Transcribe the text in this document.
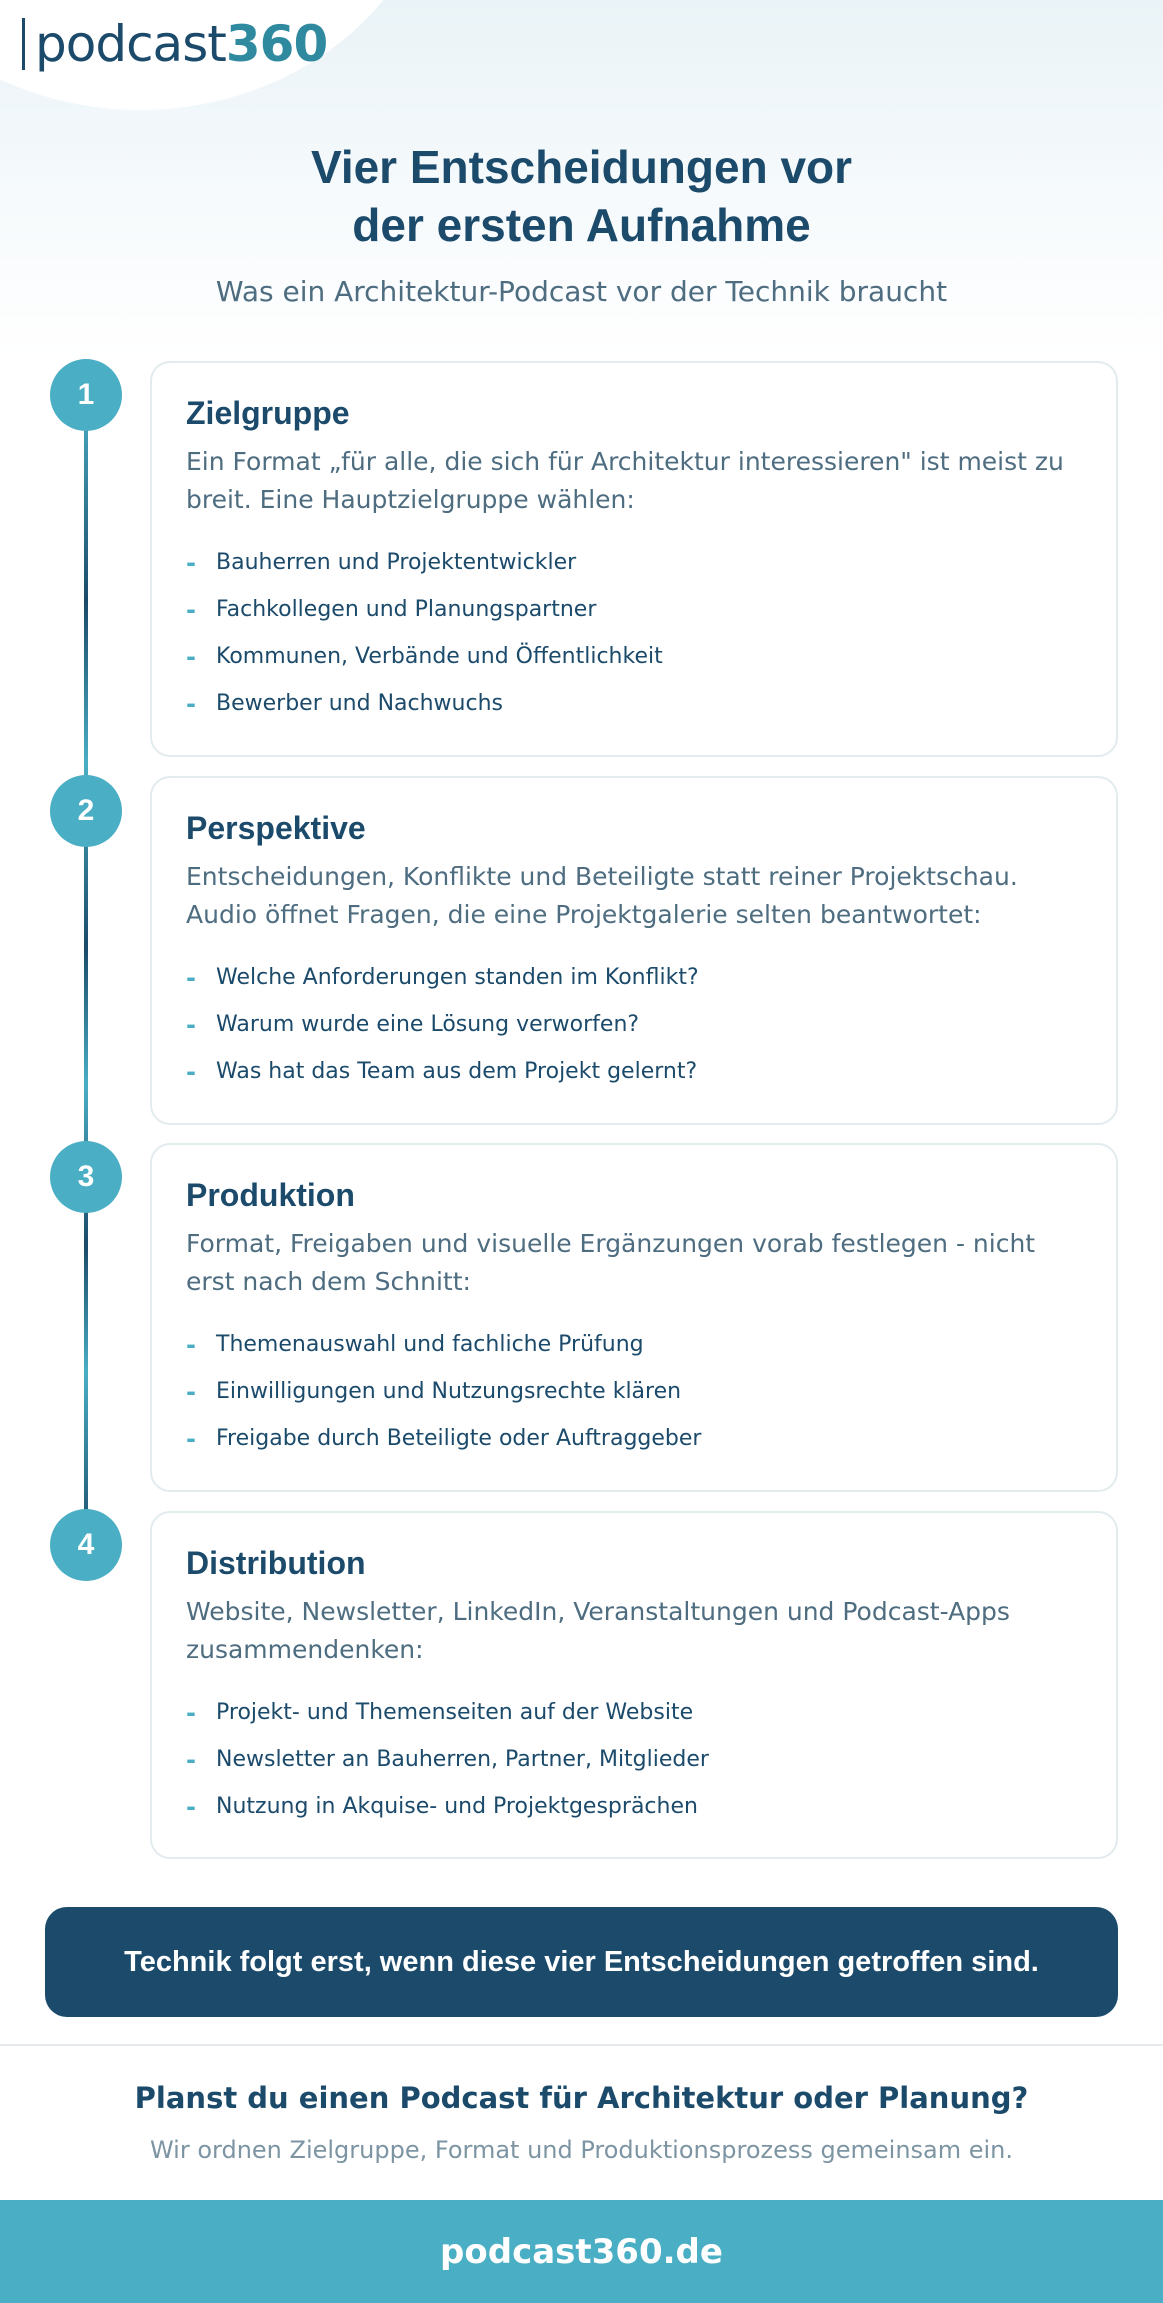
podcast 360
Vier Entscheidungen vor
der ersten Aufnahme
Was ein Architektur-Podcast vor der Technik braucht
1
Zielgruppe

Ein Format „für alle, die sich für Architektur interessieren" ist meist zu breit. Eine Hauptzielgruppe wählen:

- Bauherren und Projektentwickler
- Fachkollegen und Planungspartner
- Kommunen, Verbände und Öffentlichkeit
- Bewerber und Nachwuchs
2	Perspektive

Entscheidungen, Konflikte und Beteiligte statt reiner Projektschau. Audio öffnet Fragen, die eine Projektgalerie selten beantwortet:

- Welche Anforderungen standen im Konflikt?
- Warum wurde eine Lösung verworfen?
- Was hat das Team aus dem Projekt gelernt?
3
Produktion

Format, Freigaben und visuelle Ergänzungen vorab festlegen - nicht erst nach dem Schnitt:

- Themenauswahl und fachliche Prüfung
- Einwilligungen und Nutzungsrechte klären
- Freigabe durch Beteiligte oder Auftraggeber
4
Distribution

Website, Newsletter, LinkedIn, Veranstaltungen und Podcast-Apps zusammendenken:

- Projekt- und Themenseiten auf der Website
- Newsletter an Bauherren, Partner, Mitglieder
- Nutzung in Akquise- und Projektgesprächen
Technik folgt erst, wenn diese vier Entscheidungen getroffen sind.
Planst du einen Podcast für Architektur oder Planung?
Wir ordnen Zielgruppe, Format und Produktionsprozess gemeinsam ein.
podcast360.de
